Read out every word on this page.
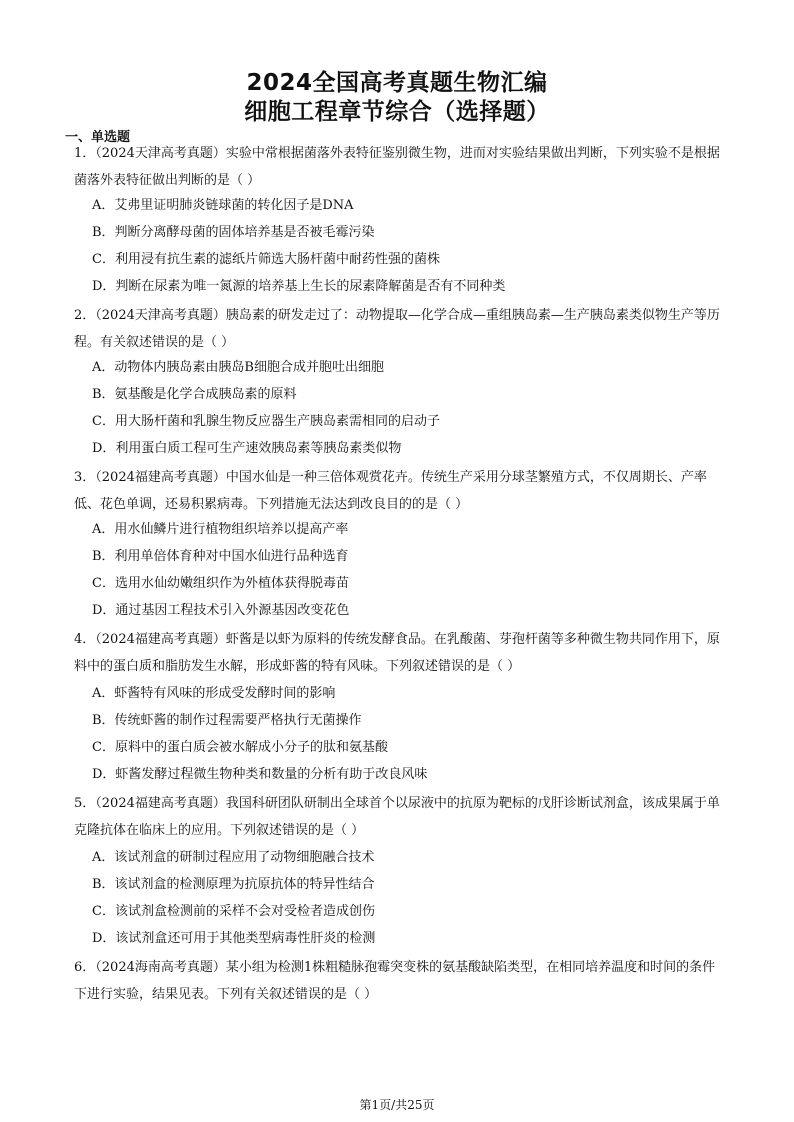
2024全国高考真题生物汇编
细胞工程章节综合（选择题）
一、单选题

1．（2024天津高考真题）实验中常根据菌落外表特征鉴别微生物，进而对实验结果做出判断，下列实验不是根据菌落外表特征做出判断的是（ ）

A．艾弗里证明肺炎链球菌的转化因子是DNA

B．判断分离酵母菌的固体培养基是否被毛霉污染

C．利用浸有抗生素的滤纸片筛选大肠杆菌中耐药性强的菌株

D．判断在尿素为唯一氮源的培养基上生长的尿素降解菌是否有不同种类

2．（2024天津高考真题）胰岛素的研发走过了：动物提取—化学合成—重组胰岛素—生产胰岛素类似物生产等历程。有关叙述错误的是（ ）

A．动物体内胰岛素由胰岛B细胞合成并胞吐出细胞

B．氨基酸是化学合成胰岛素的原料

C．用大肠杆菌和乳腺生物反应器生产胰岛素需相同的启动子

D．利用蛋白质工程可生产速效胰岛素等胰岛素类似物

3．（2024福建高考真题）中国水仙是一种三倍体观赏花卉。传统生产采用分球茎繁殖方式，不仅周期长、产率低、花色单调，还易积累病毒。下列措施无法达到改良目的的是（ ）

A．用水仙鳞片进行植物组织培养以提高产率

B．利用单倍体育种对中国水仙进行品种选育

C．选用水仙幼嫩组织作为外植体获得脱毒苗

D．通过基因工程技术引入外源基因改变花色

4．（2024福建高考真题）虾酱是以虾为原料的传统发酵食品。在乳酸菌、芽孢杆菌等多种微生物共同作用下，原料中的蛋白质和脂肪发生水解，形成虾酱的特有风味。下列叙述错误的是（ ）

A．虾酱特有风味的形成受发酵时间的影响

B．传统虾酱的制作过程需要严格执行无菌操作

C．原料中的蛋白质会被水解成小分子的肽和氨基酸

D．虾酱发酵过程微生物种类和数量的分析有助于改良风味

5．（2024福建高考真题）我国科研团队研制出全球首个以尿液中的抗原为靶标的戊肝诊断试剂盒，该成果属于单克隆抗体在临床上的应用。下列叙述错误的是（ ）

A．该试剂盒的研制过程应用了动物细胞融合技术

B．该试剂盒的检测原理为抗原抗体的特异性结合

C．该试剂盒检测前的采样不会对受检者造成创伤

D．该试剂盒还可用于其他类型病毒性肝炎的检测

6．（2024海南高考真题）某小组为检测1株粗糙脉孢霉突变株的氨基酸缺陷类型，在相同培养温度和时间的条件下进行实验，结果见表。下列有关叙述错误的是（ ）

第1页/共25页
